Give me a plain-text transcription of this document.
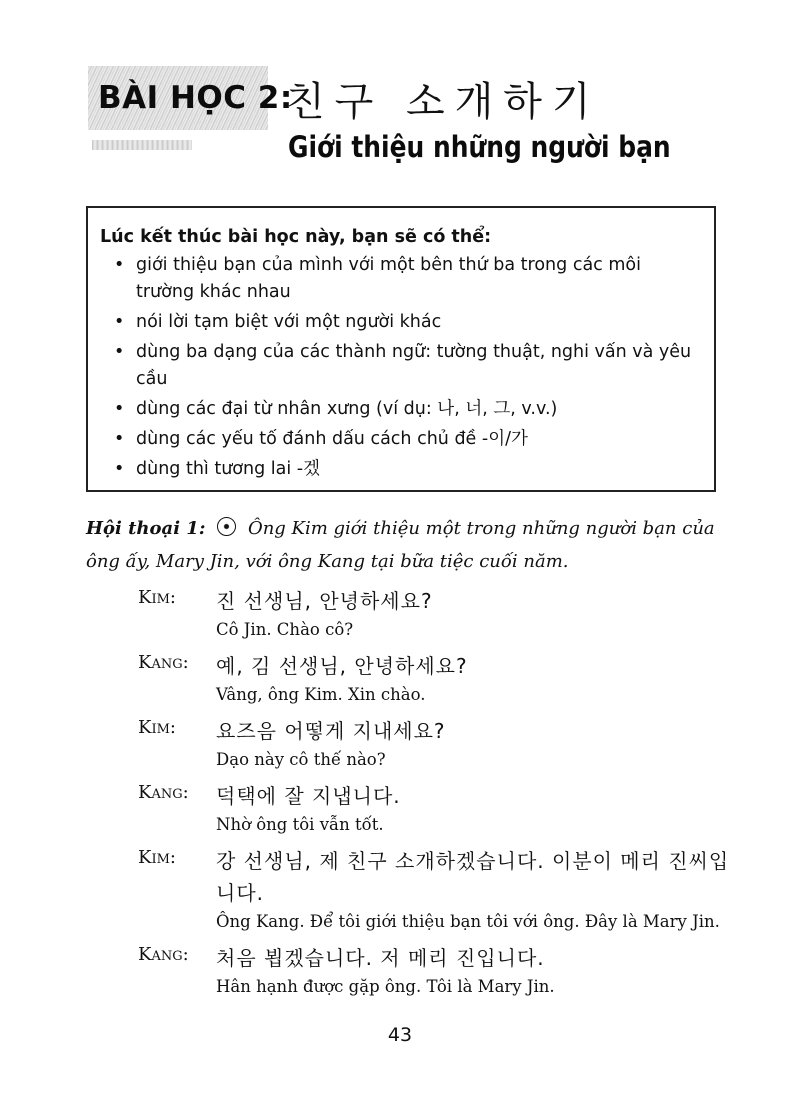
BÀI HỌC 2:
친구 소개하기
Giới thiệu những người bạn
Lúc kết thúc bài học này, bạn sẽ có thể:
• giới thiệu bạn của mình với một bên thứ ba trong các môi trường khác nhau
• nói lời tạm biệt với một người khác
• dùng ba dạng của các thành ngữ: tường thuật, nghi vấn và yêu cầu
• dùng các đại từ nhân xưng (ví dụ: 나, 너, 그, v.v.)
• dùng các yếu tố đánh dấu cách chủ đề -이/가
• dùng thì tương lai -겠
Hội thoại 1: Ông Kim giới thiệu một trong những người bạn của ông ấy, Mary Jin, với ông Kang tại bữa tiệc cuối năm.
Kim:	진 선생님, 안녕하세요?
Cô Jin. Chào cô?
Kang:	예, 김 선생님, 안녕하세요?
Vâng, ông Kim. Xin chào.
Kim:	요즈음 어떻게 지내세요?
Dạo này cô thế nào?
Kang:	덕택에 잘 지냅니다.
Nhờ ông tôi vẫn tốt.
Kim:	강 선생님, 제 친구 소개하겠습니다. 이분이 메리 진씨입니다.
Ông Kang. Để tôi giới thiệu bạn tôi với ông. Đây là Mary Jin.
Kang:	처음 뵙겠습니다. 저 메리 진입니다.
Hân hạnh được gặp ông. Tôi là Mary Jin.
43
